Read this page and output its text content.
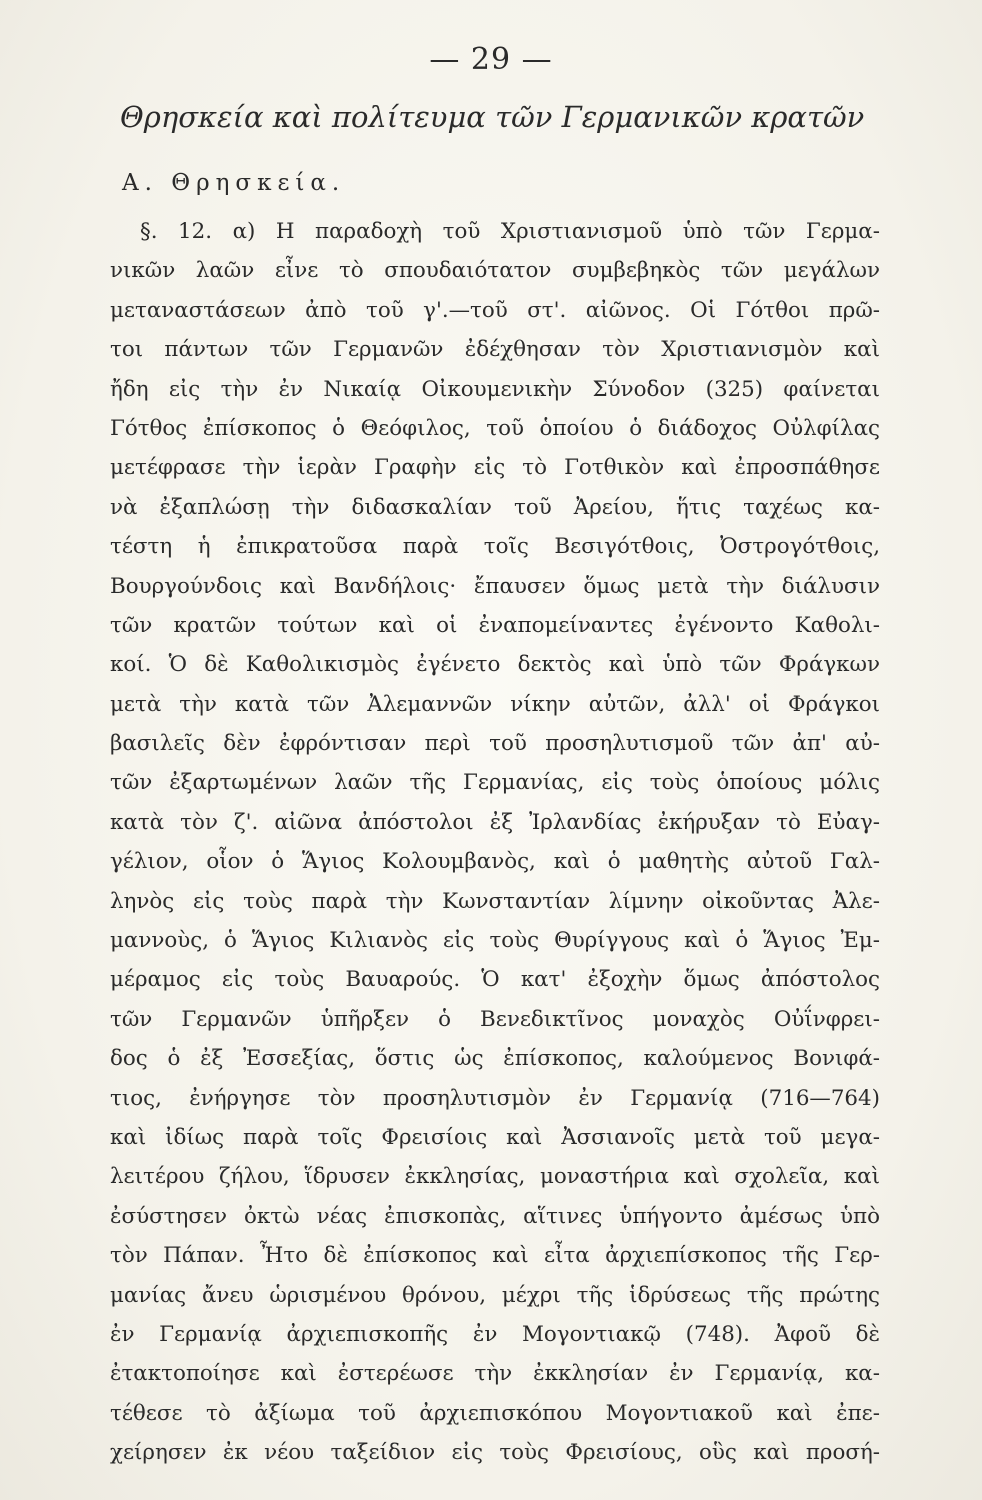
— 29 —
Θρησκεία καὶ πολίτευμα τῶν Γερμανικῶν κρατῶν
Α. Θρησκεία.
§. 12. α) Η παραδοχὴ τοῦ Χριστιανισμοῦ ὑπὸ τῶν Γερμα-
νικῶν λαῶν εἶνε τὸ σπουδαιότατον συμβεβηκὸς τῶν μεγάλων
μεταναστάσεων ἀπὸ τοῦ γ'.—τοῦ στ'. αἰῶνος. Οἱ Γότθοι πρῶ-
τοι πάντων τῶν Γερμανῶν ἐδέχθησαν τὸν Χριστιανισμὸν καὶ
ἤδη εἰς τὴν ἐν Νικαίᾳ Οἰκουμενικὴν Σύνοδον (325) φαίνεται
Γότθος ἐπίσκοπος ὁ Θεόφιλος, τοῦ ὁποίου ὁ διάδοχος Οὐλφίλας
μετέφρασε τὴν ἱερὰν Γραφὴν εἰς τὸ Γοτθικὸν καὶ ἐπροσπάθησε
νὰ ἐξαπλώσῃ τὴν διδασκαλίαν τοῦ Ἀρείου, ἥτις ταχέως κα-
τέστη ἡ ἐπικρατοῦσα παρὰ τοῖς Βεσιγότθοις, Ὀστρογότθοις,
Βουργούνδοις καὶ Βανδήλοις· ἔπαυσεν ὅμως μετὰ τὴν διάλυσιν
τῶν κρατῶν τούτων καὶ οἱ ἐναπομείναντες ἐγένοντο Καθολι-
κοί. Ὁ δὲ Καθολικισμὸς ἐγένετο δεκτὸς καὶ ὑπὸ τῶν Φράγκων
μετὰ τὴν κατὰ τῶν Ἀλεμαννῶν νίκην αὐτῶν, ἀλλ' οἱ Φράγκοι
βασιλεῖς δὲν ἐφρόντισαν περὶ τοῦ προσηλυτισμοῦ τῶν ἀπ' αὐ-
τῶν ἐξαρτωμένων λαῶν τῆς Γερμανίας, εἰς τοὺς ὁποίους μόλις
κατὰ τὸν ζ'. αἰῶνα ἀπόστολοι ἐξ Ἰρλανδίας ἐκήρυξαν τὸ Εὐαγ-
γέλιον, οἷον ὁ Ἅγιος Κολουμβανὸς, καὶ ὁ μαθητὴς αὐτοῦ Γαλ-
ληνὸς εἰς τοὺς παρὰ τὴν Κωνσταντίαν λίμνην οἰκοῦντας Ἀλε-
μαννοὺς, ὁ Ἅγιος Κιλιανὸς εἰς τοὺς Θυρίγγους καὶ ὁ Ἅγιος Ἐμ-
μέραμος εἰς τοὺς Βαυαρούς. Ὁ κατ' ἐξοχὴν ὅμως ἀπόστολος
τῶν Γερμανῶν ὑπῆρξεν ὁ Βενεδικτῖνος μοναχὸς Οὐΐνφρει-
δος ὁ ἐξ Ἐσσεξίας, ὅστις ὡς ἐπίσκοπος, καλούμενος Βονιφά-
τιος, ἐνήργησε τὸν προσηλυτισμὸν ἐν Γερμανίᾳ (716—764)
καὶ ἰδίως παρὰ τοῖς Φρεισίοις καὶ Ἀσσιανοῖς μετὰ τοῦ μεγα-
λειτέρου ζήλου, ἵδρυσεν ἐκκλησίας, μοναστήρια καὶ σχολεῖα, καὶ
ἐσύστησεν ὀκτὼ νέας ἐπισκοπὰς, αἵτινες ὑπήγοντο ἀμέσως ὑπὸ
τὸν Πάπαν. Ἦτο δὲ ἐπίσκοπος καὶ εἶτα ἀρχιεπίσκοπος τῆς Γερ-
μανίας ἄνευ ὡρισμένου θρόνου, μέχρι τῆς ἱδρύσεως τῆς πρώτης
ἐν Γερμανίᾳ ἀρχιεπισκοπῆς ἐν Μογοντιακῷ (748). Ἀφοῦ δὲ
ἐτακτοποίησε καὶ ἐστερέωσε τὴν ἐκκλησίαν ἐν Γερμανίᾳ, κα-
τέθεσε τὸ ἀξίωμα τοῦ ἀρχιεπισκόπου Μογοντιακοῦ καὶ ἐπε-
χείρησεν ἐκ νέου ταξείδιον εἰς τοὺς Φρεισίους, οὓς καὶ προσή-
